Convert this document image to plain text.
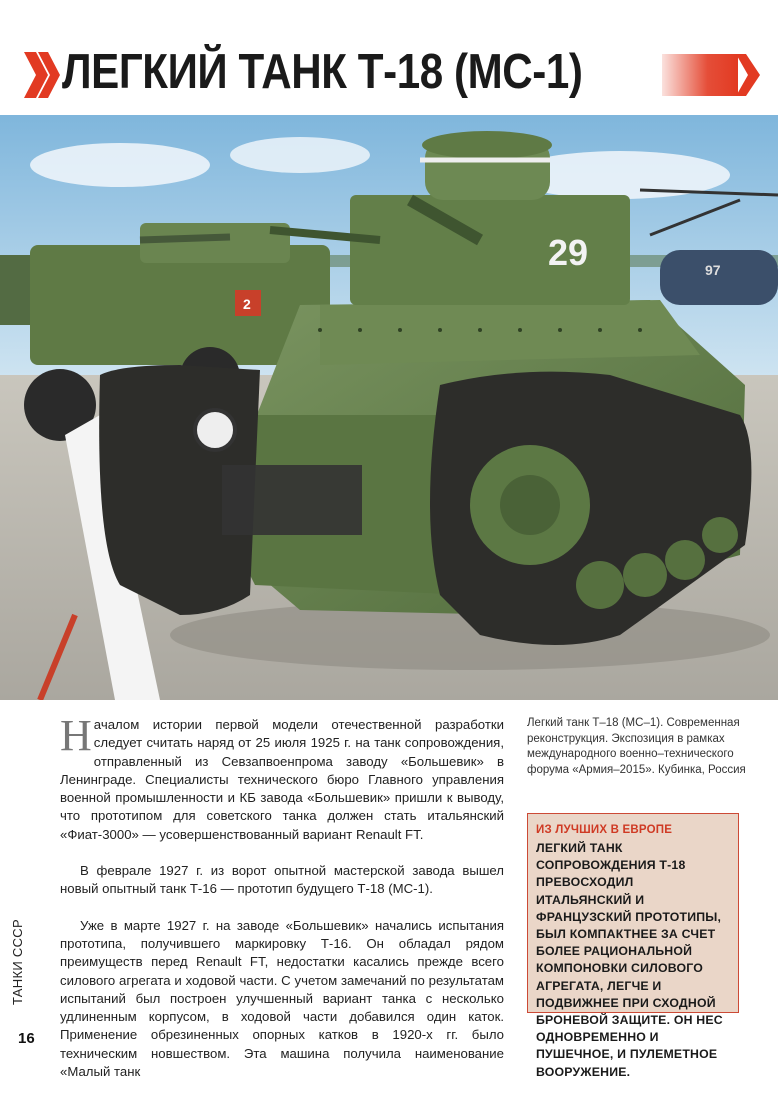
ЛЕГКИЙ ТАНК Т-18 (МС-1)
97
2
29

Началом истории первой модели отечественной разработки следует считать наряд от 25 июля 1925 г. на танк сопровождения, отправленный из Севзапвоенпрома заводу «Большевик» в Ленинграде. Специалисты технического бюро Главного управления военной промышленности и КБ завода «Большевик» пришли к выводу, что прототипом для советского танка должен стать итальянский «Фиат-3000» — усовершенствованный вариант Renault FT.

В феврале 1927 г. из ворот опытной мастерской завода вышел новый опытный танк Т-16 — прототип будущего Т-18 (МС-1).

Уже в марте 1927 г. на заводе «Большевик» начались испытания прототипа, получившего маркировку Т-16. Он обладал рядом преимуществ перед Renault FT, недостатки касались прежде всего силового агрегата и ходовой части. С учетом замечаний по результатам испытаний был построен улучшенный вариант танка с несколько удлиненным корпусом, в ходовой части добавился один каток. Применение обрезиненных опорных катков в 1920-х гг. было техническим новшеством. Эта машина получила наименование «Малый танк

Легкий танк Т–18 (МС–1). Современная реконструкция. Экспозиция в рамках международного военно–технического форума «Армия–2015». Кубинка, Россия
ИЗ ЛУЧШИХ В ЕВРОПЕ
ЛЕГКИЙ ТАНК СОПРОВОЖДЕНИЯ Т-18 ПРЕВОСХОДИЛ ИТАЛЬЯНСКИЙ И ФРАНЦУЗСКИЙ ПРОТОТИПЫ, БЫЛ КОМПАКТНЕЕ ЗА СЧЕТ БОЛЕЕ РАЦИОНАЛЬНОЙ КОМПОНОВКИ СИЛОВОГО АГРЕГАТА, ЛЕГЧЕ И ПОДВИЖНЕЕ ПРИ СХОДНОЙ БРОНЕВОЙ ЗАЩИТЕ. ОН НЕС ОДНОВРЕМЕННО И ПУШЕЧНОЕ, И ПУЛЕМЕТНОЕ ВООРУЖЕНИЕ.
ТАНКИ СССР
16
